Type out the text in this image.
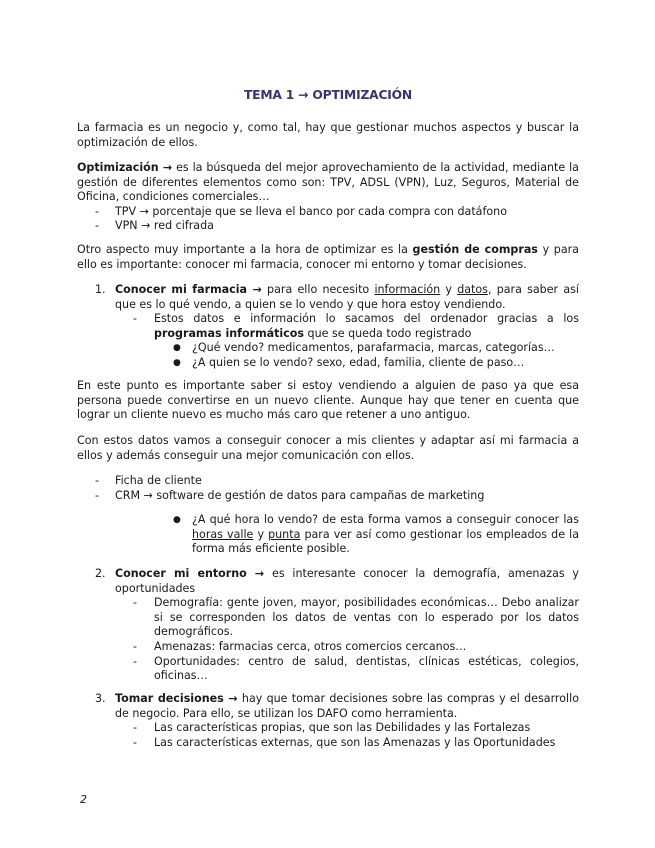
TEMA 1 → OPTIMIZACIÓN

La farmacia es un negocio y, como tal, hay que gestionar muchos aspectos y buscar la optimización de ellos.

Optimización → es la búsqueda del mejor aprovechamiento de la actividad, mediante la gestión de diferentes elementos como son: TPV, ADSL (VPN), Luz, Seguros, Material de Oficina, condiciones comerciales…

- TPV → porcentaje que se lleva el banco por cada compra con datáfono
- VPN → red cifrada

Otro aspecto muy importante a la hora de optimizar es la gestión de compras y para ello es importante: conocer mi farmacia, conocer mi entorno y tomar decisiones.

1. Conocer mi farmacia → para ello necesito información y datos, para saber así que es lo qué vendo, a quien se lo vendo y que hora estoy vendiendo.
- Estos datos e información lo sacamos del ordenador gracias a los programas informáticos que se queda todo registrado
● ¿Qué vendo? medicamentos, parafarmacia, marcas, categorías…
● ¿A quien se lo vendo? sexo, edad, familia, cliente de paso…

En este punto es importante saber si estoy vendiendo a alguien de paso ya que esa persona puede convertirse en un nuevo cliente. Aunque hay que tener en cuenta que lograr un cliente nuevo es mucho más caro que retener a uno antiguo.

Con estos datos vamos a conseguir conocer a mis clientes y adaptar así mi farmacia a ellos y además conseguir una mejor comunicación con ellos.

- Ficha de cliente
- CRM → software de gestión de datos para campañas de marketing
● ¿A qué hora lo vendo? de esta forma vamos a conseguir conocer las horas valle y punta para ver así como gestionar los empleados de la forma más eficiente posible.
2. Conocer mi entorno → es interesante conocer la demografía, amenazas y oportunidades
- Demografía: gente joven, mayor, posibilidades económicas… Debo analizar si se corresponden los datos de ventas con lo esperado por los datos demográficos.
- Amenazas: farmacias cerca, otros comercios cercanos…
- Oportunidades: centro de salud, dentistas, clínicas estéticas, colegios, oficinas…
3. Tomar decisiones → hay que tomar decisiones sobre las compras y el desarrollo de negocio. Para ello, se utilizan los DAFO como herramienta.
- Las características propias, que son las Debilidades y las Fortalezas
- Las características externas, que son las Amenazas y las Oportunidades
2
